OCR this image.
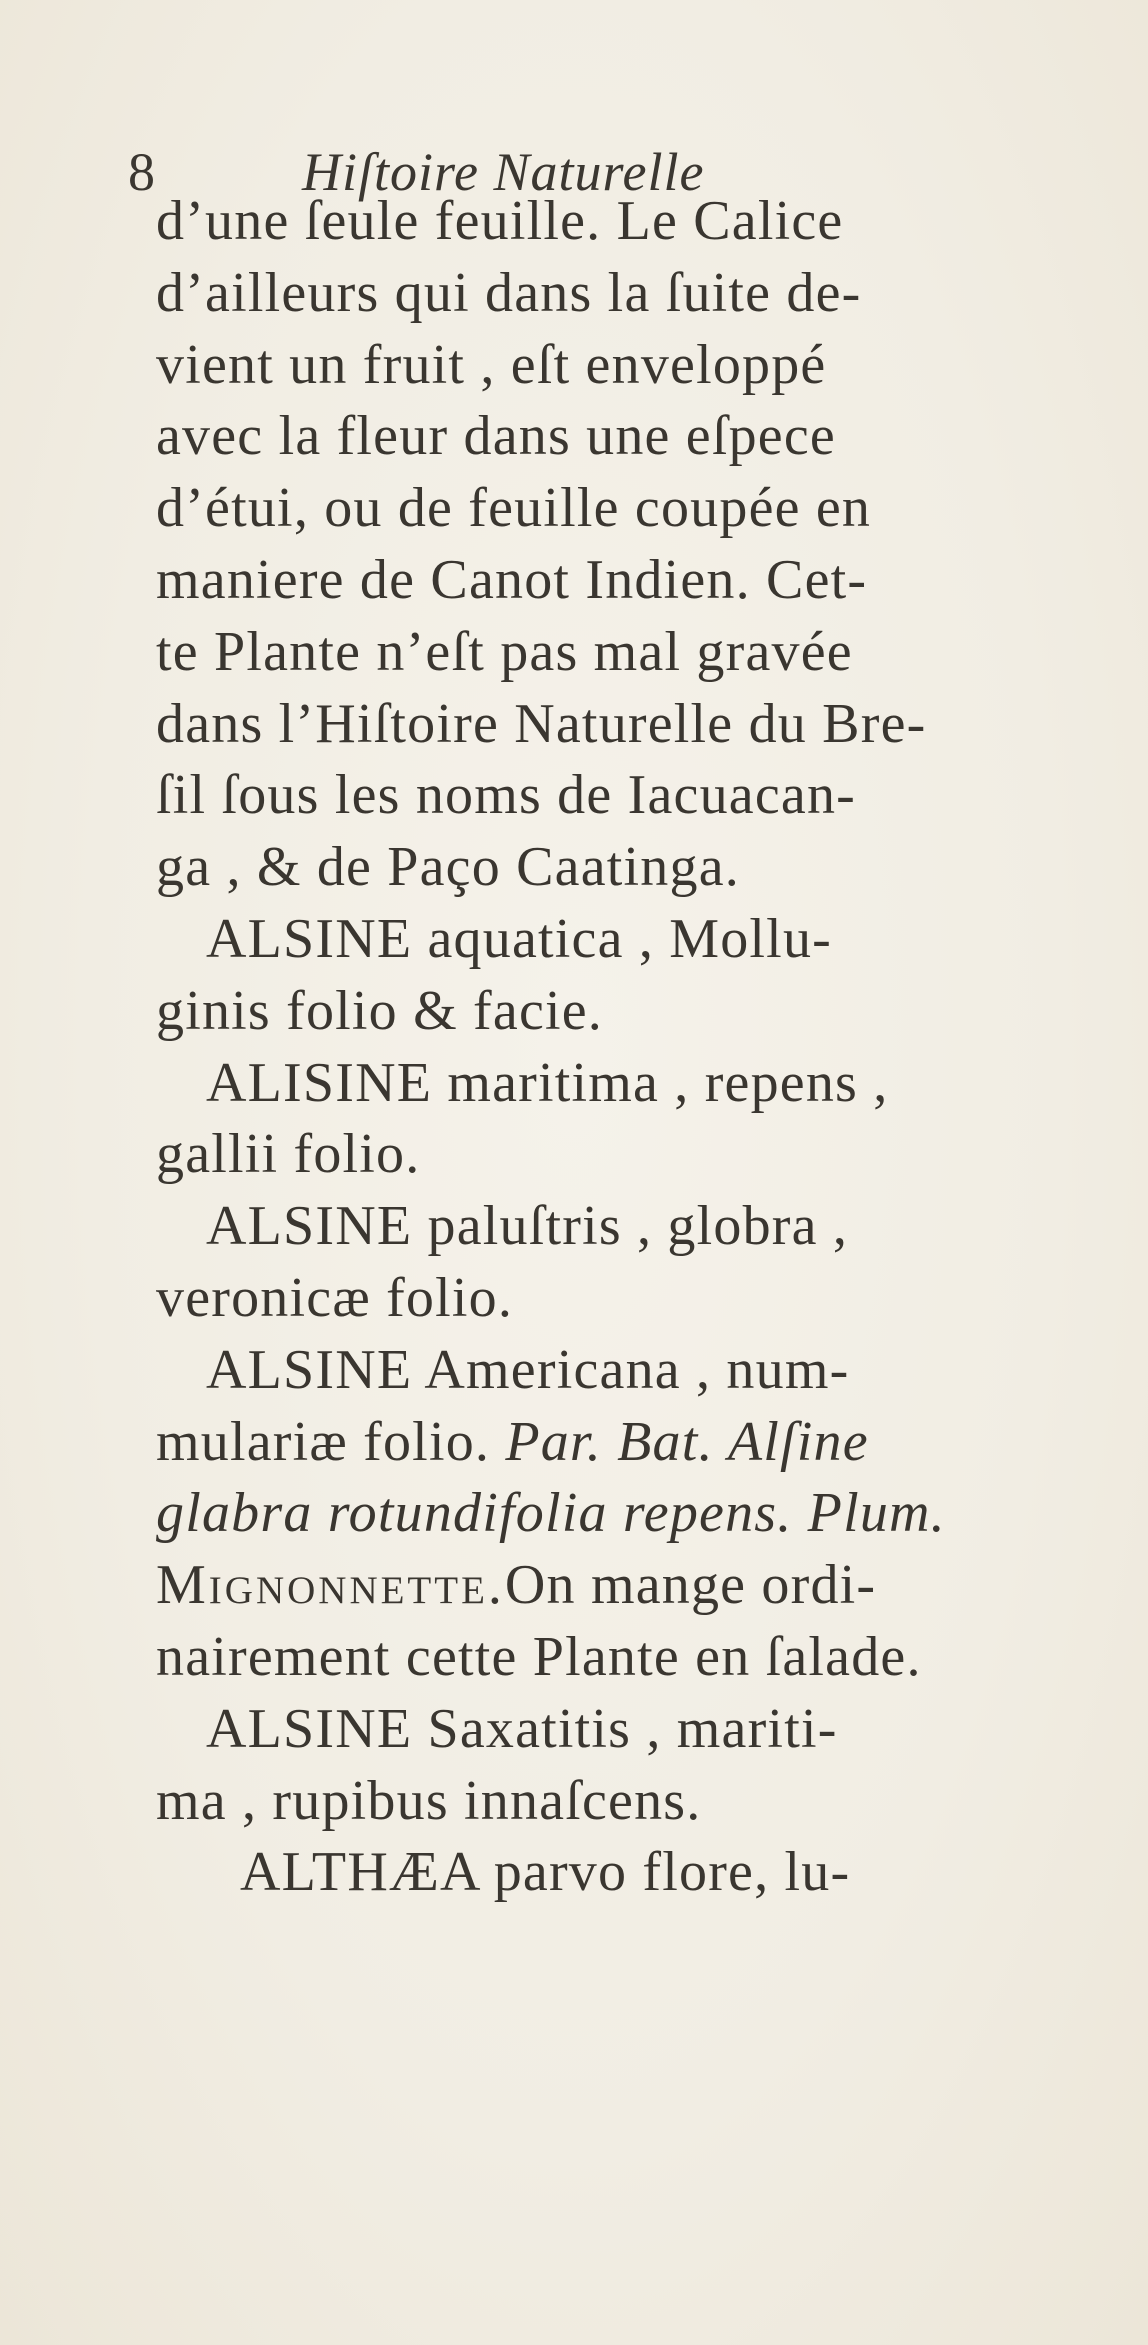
8	Hiſtoire Naturelle
d’une ſeule feuille. Le Calice
d’ailleurs qui dans la ſuite de-
vient un fruit , eſt enveloppé
avec la fleur dans une eſpece
d’étui, ou de feuille coupée en
maniere de Canot Indien. Cet-
te Plante n’eſt pas mal gravée
dans l’Hiſtoire Naturelle du Bre-
ſil ſous les noms de Iacuacan-
ga , & de Paço Caatinga.
ALSINE aquatica , Mollu-
ginis folio & facie.
ALISINE maritima , repens ,
gallii folio.
ALSINE paluſtris , globra ,
veronicæ folio.
ALSINE Americana , num-
mulariæ folio. Par. Bat. Alſine
glabra rotundifolia repens. Plum.
Mignonnette.On mange ordi-
nairement cette Plante en ſalade.
ALSINE Saxatitis , mariti-
ma , rupibus innaſcens.
ALTHÆA parvo flore, lu-
